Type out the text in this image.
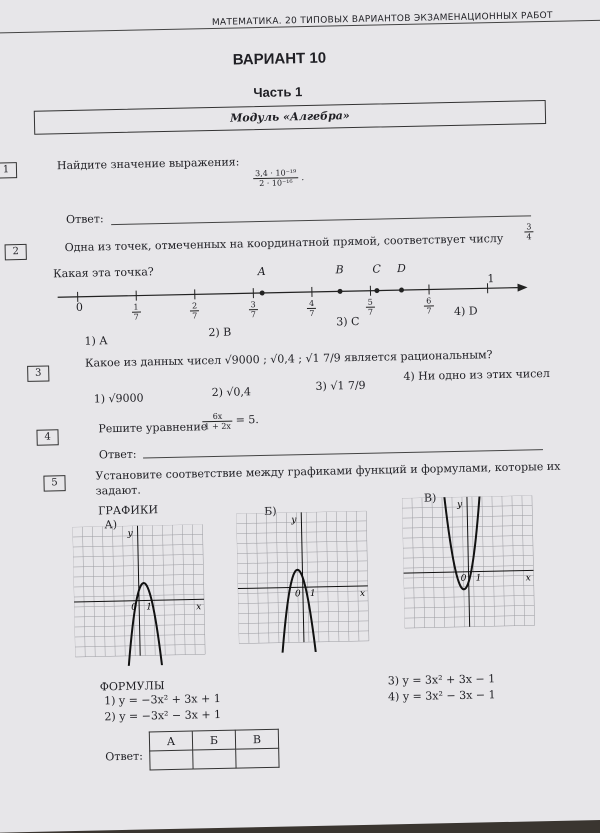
МАТЕМАТИКА. 20 ТИПОВЫХ ВАРИАНТОВ ЭКЗАМЕНАЦИОННЫХ РАБОТ
ВАРИАНТ 10
Часть 1
Модуль «Алгебра»
1	Найдите значение выражения:
$\frac{\text{3,4 · 10⁻¹⁹}}{\text{2 · 10⁻¹⁶}}$ .
Ответ:
2	Одна из точек, отмеченных на координатной прямой, соответствует числу
$\frac{3}{4}$
Какая эта точка?
0
1
1) A
2) B
3) C
4) D
3
Какое из данных чисел √9000 ; √0,4 ; √1 7/9 является рациональным?
1) √9000	2) √0,4	3) √1 7/9
4) Ни одно из этих чисел
4
Решите уравнение
$\frac{6x}{1 + 2x} = 5$.
Ответ:
5
Установите соответствие между графиками функций и формулами, которые их задают.
ГРАФИКИ
А)
Б)
В)
x
y
0 1
x
y
0 1
x
y
0 1
ФОРМУЛЫ
1) y = −3x² + 3x + 1
2) y = −3x² − 3x + 1
3) y = 3x² + 3x − 1
4) y = 3x² − 3x − 1
Ответ:
А	Б	В

$\frac{1}{7}$	$\frac{2}{7}$	$\frac{3}{7}$	$\frac{4}{7}$	$\frac{5}{7}$	$\frac{6}{7}$
A	B	C D
